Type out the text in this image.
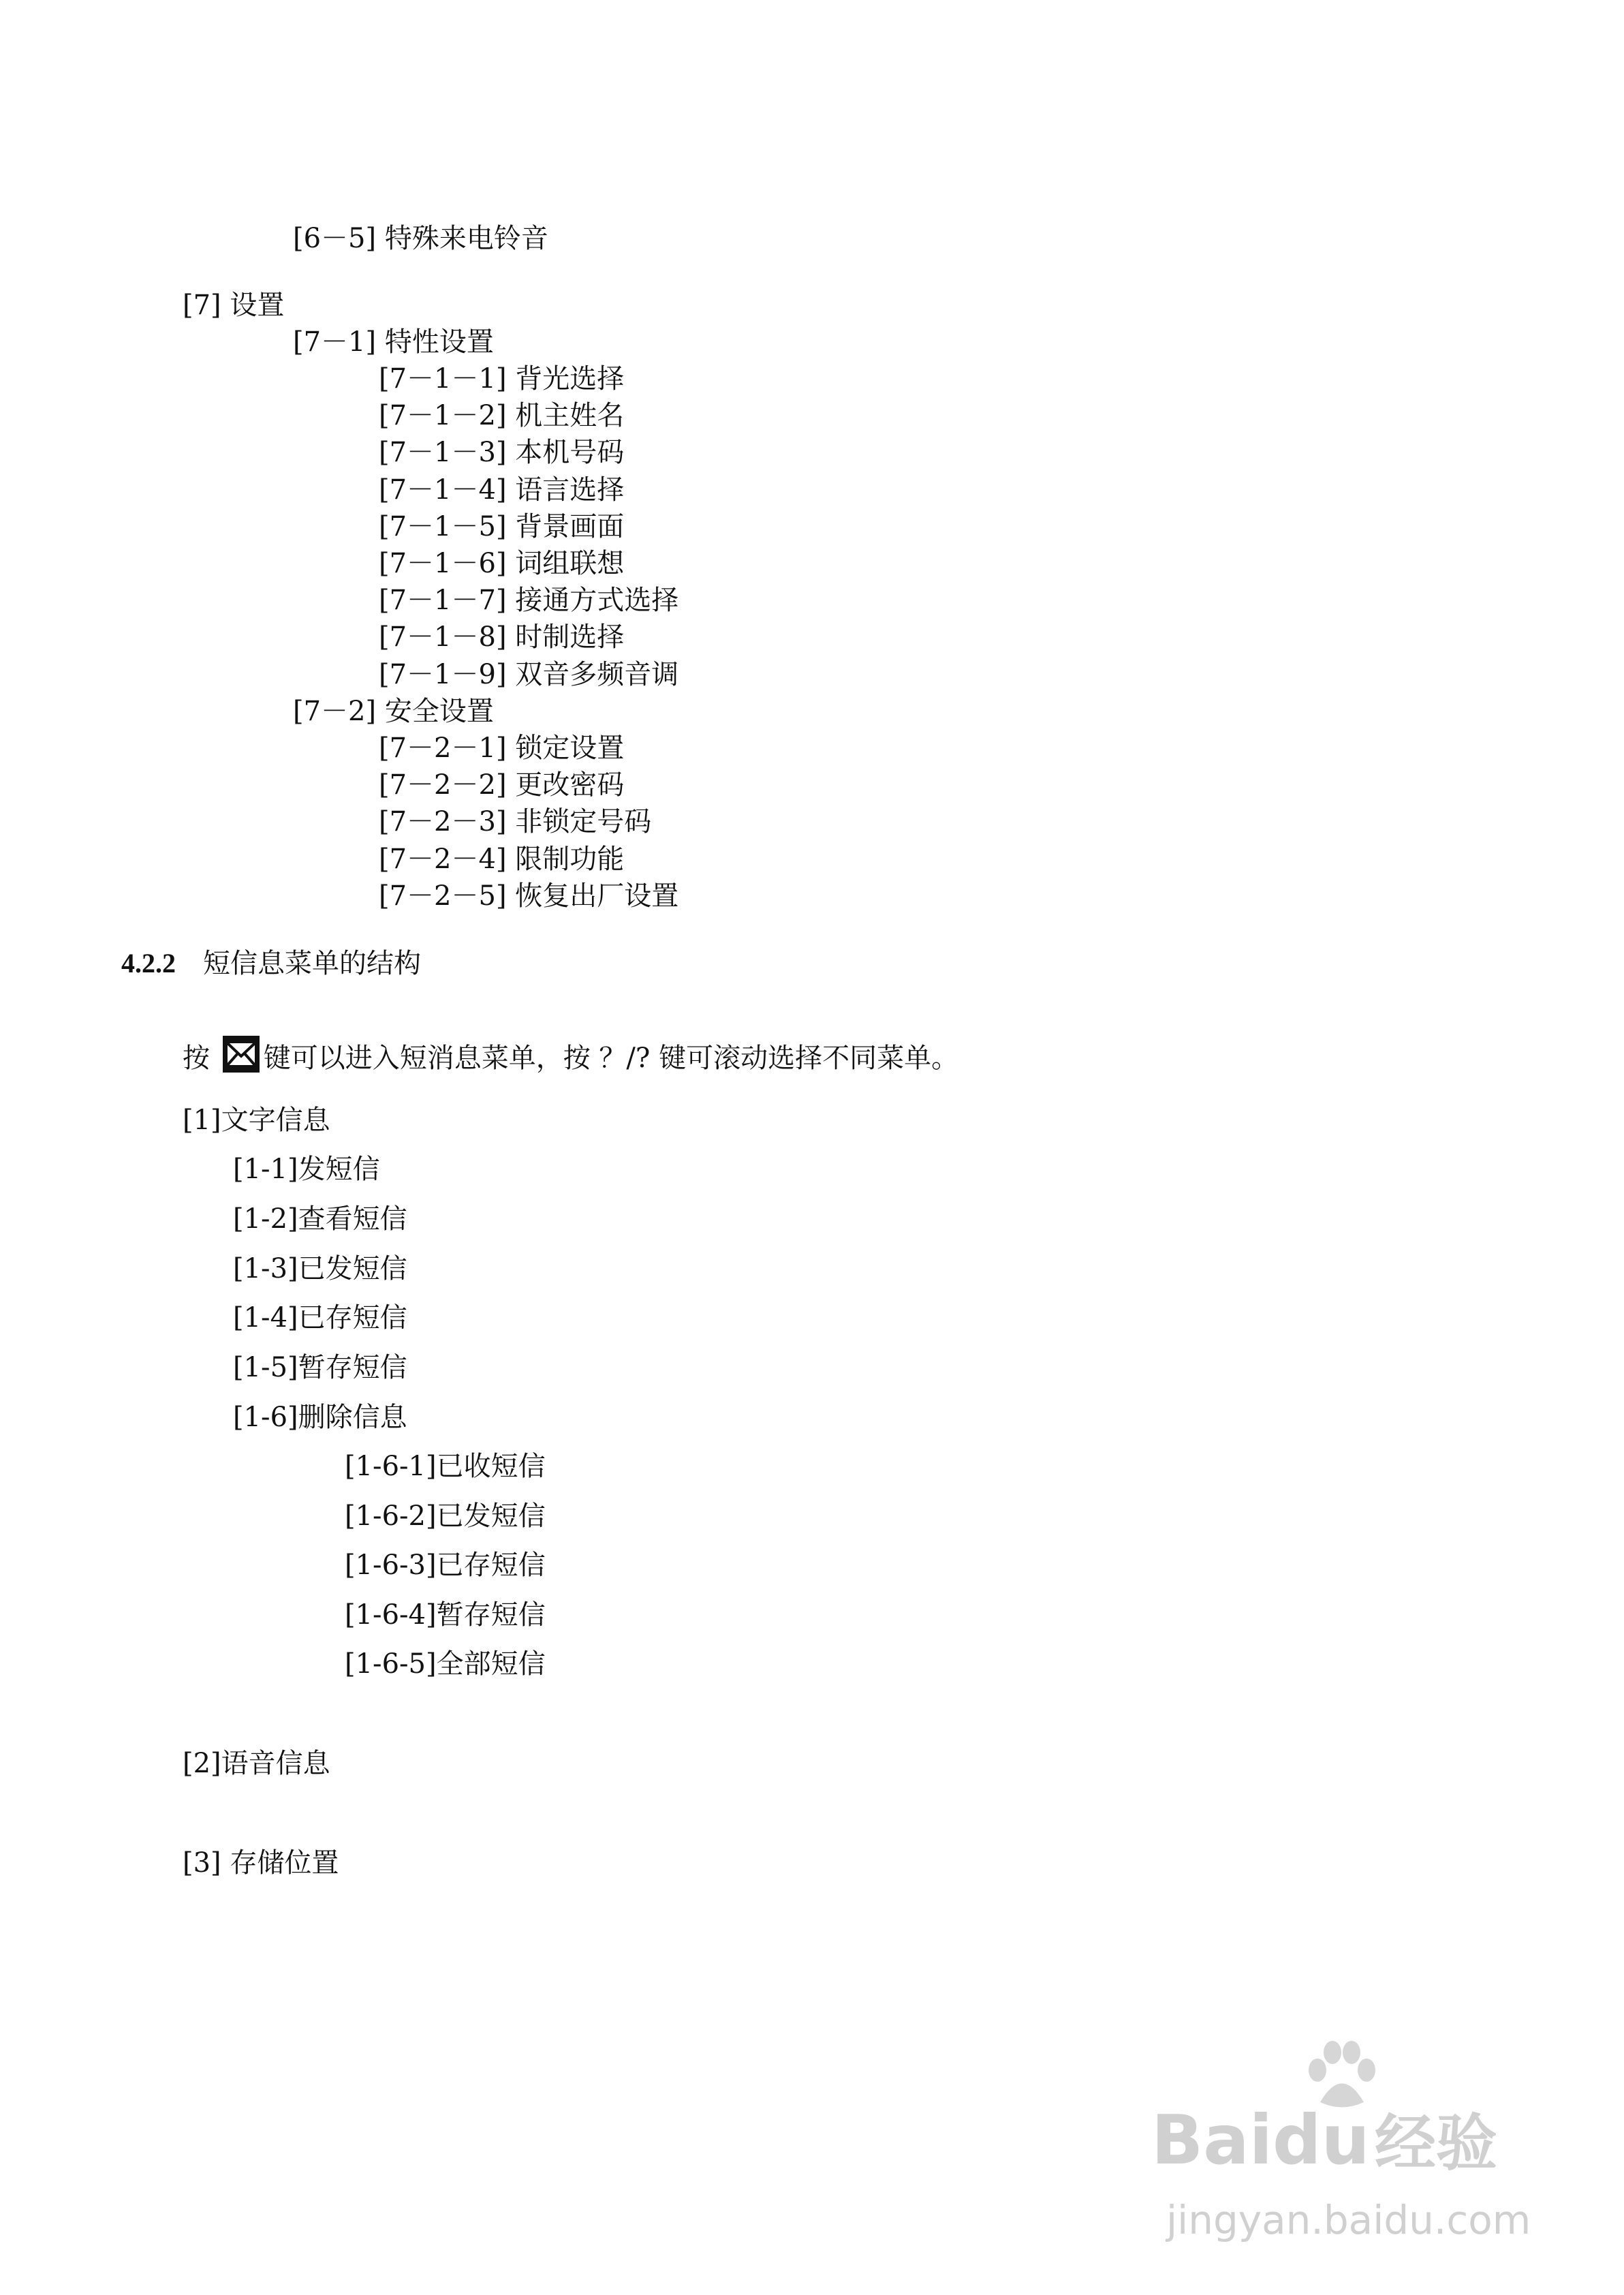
[6－5] 特殊来电铃音
[7] 设置
[7－1] 特性设置
[7－1－1] 背光选择
[7－1－2] 机主姓名
[7－1－3] 本机号码
[7－1－4] 语言选择
[7－1－5] 背景画面
[7－1－6] 词组联想
[7－1－7] 接通方式选择
[7－1－8] 时制选择
[7－1－9] 双音多频音调
[7－2] 安全设置
[7－2－1] 锁定设置
[7－2－2] 更改密码
[7－2－3] 非锁定号码
[7－2－4] 限制功能
[7－2－5] 恢复出厂设置
4.2.2 短信息菜单的结构
按 键可以进入短消息菜单，按 ？/? 键可滚动选择不同菜单。
[1]文字信息
[1-1]发短信
[1-2]查看短信
[1-3]已发短信
[1-4]已存短信
[1-5]暂存短信
[1-6]删除信息
[1-6-1]已收短信
[1-6-2]已发短信
[1-6-3]已存短信
[1-6-4]暂存短信
[1-6-5]全部短信
[2]语音信息
[3] 存储位置
Baidu 经验
jingyan.baidu.com
